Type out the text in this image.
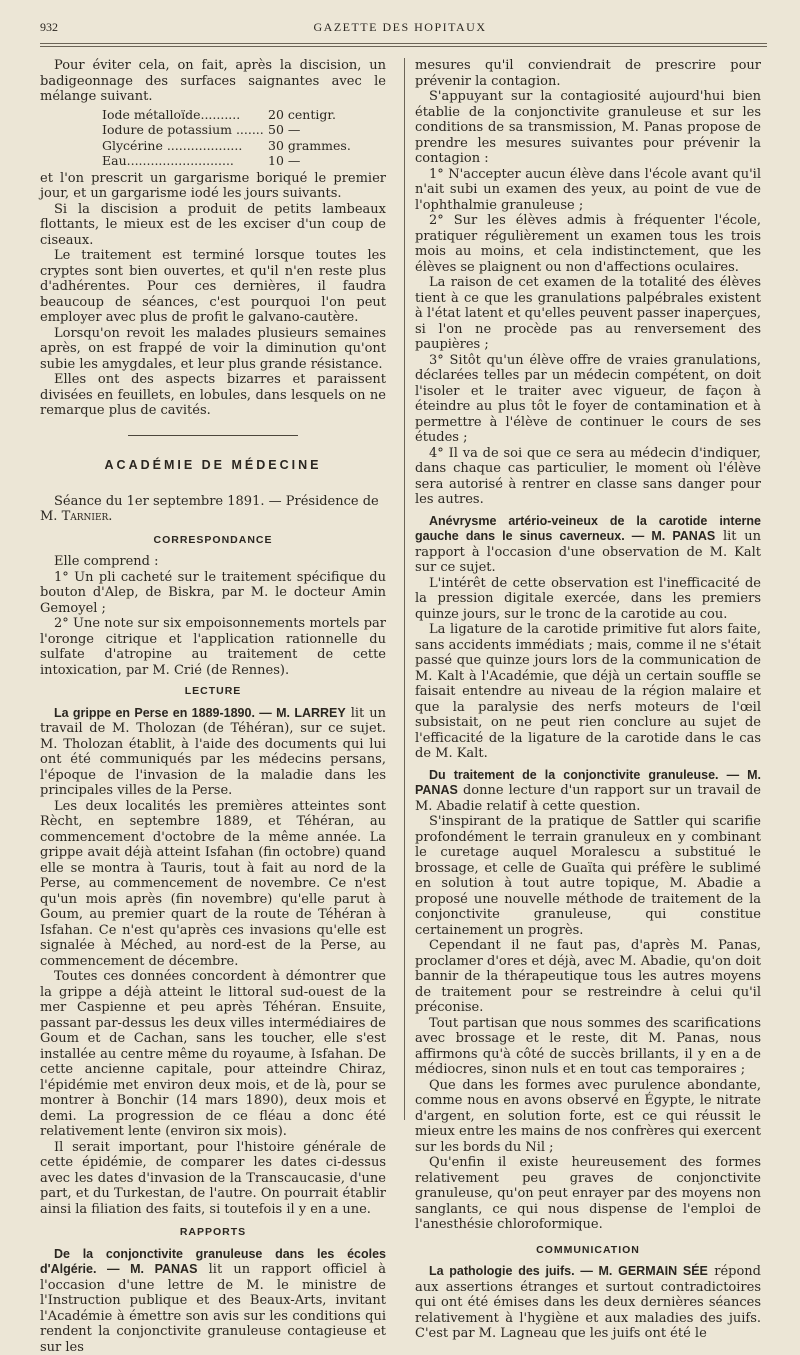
932	GAZETTE DES HOPITAUX

Pour éviter cela, on fait, après la discision, un badigeonnage des surfaces saignantes avec le mélange suivant.

Iode métalloïde..........	20 centigr.
Iodure de potassium ....... 50 —
Glycérine ...................	30 grammes.
Eau...........................	10 —

et l'on prescrit un gargarisme boriqué le premier jour, et un gargarisme iodé les jours suivants.

Si la discision a produit de petits lambeaux flottants, le mieux est de les exciser d'un coup de ciseaux.

Le traitement est terminé lorsque toutes les cryptes sont bien ouvertes, et qu'il n'en reste plus d'adhérentes. Pour ces dernières, il faudra beaucoup de séances, c'est pourquoi l'on peut employer avec plus de profit le galvano-cautère.

Lorsqu'on revoit les malades plusieurs semaines après, on est frappé de voir la diminution qu'ont subie les amygdales, et leur plus grande résistance.

Elles ont des aspects bizarres et paraissent divisées en feuillets, en lobules, dans lesquels on ne remarque plus de cavités.

ACADÉMIE DE MÉDECINE

Séance du 1er septembre 1891. — Présidence de M. Tarnier.

CORRESPONDANCE

Elle comprend :

1° Un pli cacheté sur le traitement spécifique du bouton d'Alep, de Biskra, par M. le docteur Amin Gemoyel ;

2° Une note sur six empoisonnements mortels par l'oronge citrique et l'application rationnelle du sulfate d'atropine au traitement de cette intoxication, par M. Crié (de Rennes).

LECTURE

La grippe en Perse en 1889-1890. — M. LARREY lit un travail de M. Tholozan (de Téhéran), sur ce sujet. M. Tholozan établit, à l'aide des documents qui lui ont été communiqués par les médecins persans, l'époque de l'invasion de la maladie dans les principales villes de la Perse.

Les deux localités les premières atteintes sont Rècht, en septembre 1889, et Téhéran, au commencement d'octobre de la même année. La grippe avait déjà atteint Isfahan (fin octobre) quand elle se montra à Tauris, tout à fait au nord de la Perse, au commencement de novembre. Ce n'est qu'un mois après (fin novembre) qu'elle parut à Goum, au premier quart de la route de Téhéran à Isfahan. Ce n'est qu'après ces invasions qu'elle est signalée à Méched, au nord-est de la Perse, au commencement de décembre.

Toutes ces données concordent à démontrer que la grippe a déjà atteint le littoral sud-ouest de la mer Caspienne et peu après Téhéran. Ensuite, passant par-dessus les deux villes intermédiaires de Goum et de Cachan, sans les toucher, elle s'est installée au centre même du royaume, à Isfahan. De cette ancienne capitale, pour atteindre Chiraz, l'épidémie met environ deux mois, et de là, pour se montrer à Bonchir (14 mars 1890), deux mois et demi. La progression de ce fléau a donc été relativement lente (environ six mois).

Il serait important, pour l'histoire générale de cette épidémie, de comparer les dates ci-dessus avec les dates d'invasion de la Transcaucasie, d'une part, et du Turkestan, de l'autre. On pourrait établir ainsi la filiation des faits, si toutefois il y en a une.

RAPPORTS

De la conjonctivite granuleuse dans les écoles d'Algérie. — M. PANAS lit un rapport officiel à l'occasion d'une lettre de M. le ministre de l'Instruction publique et des Beaux-Arts, invitant l'Académie à émettre son avis sur les conditions qui rendent la conjonctivite granuleuse contagieuse et sur les

mesures qu'il conviendrait de prescrire pour prévenir la contagion.

S'appuyant sur la contagiosité aujourd'hui bien établie de la conjonctivite granuleuse et sur les conditions de sa transmission, M. Panas propose de prendre les mesures suivantes pour prévenir la contagion :

1° N'accepter aucun élève dans l'école avant qu'il n'ait subi un examen des yeux, au point de vue de l'ophthalmie granuleuse ;

2° Sur les élèves admis à fréquenter l'école, pratiquer régulièrement un examen tous les trois mois au moins, et cela indistinctement, que les élèves se plaignent ou non d'affections oculaires.

La raison de cet examen de la totalité des élèves tient à ce que les granulations palpébrales existent à l'état latent et qu'elles peuvent passer inaperçues, si l'on ne procède pas au renversement des paupières ;

3° Sitôt qu'un élève offre de vraies granulations, déclarées telles par un médecin compétent, on doit l'isoler et le traiter avec vigueur, de façon à éteindre au plus tôt le foyer de contamination et à permettre à l'élève de continuer le cours de ses études ;

4° Il va de soi que ce sera au médecin d'indiquer, dans chaque cas particulier, le moment où l'élève sera autorisé à rentrer en classe sans danger pour les autres.

Anévrysme artério-veineux de la carotide interne gauche dans le sinus caverneux. — M. PANAS lit un rapport à l'occasion d'une observation de M. Kalt sur ce sujet.

L'intérêt de cette observation est l'inefficacité de la pression digitale exercée, dans les premiers quinze jours, sur le tronc de la carotide au cou.

La ligature de la carotide primitive fut alors faite, sans accidents immédiats ; mais, comme il ne s'était passé que quinze jours lors de la communication de M. Kalt à l'Académie, que déjà un certain souffle se faisait entendre au niveau de la région malaire et que la paralysie des nerfs moteurs de l'œil subsistait, on ne peut rien conclure au sujet de l'efficacité de la ligature de la carotide dans le cas de M. Kalt.

Du traitement de la conjonctivite granuleuse. — M. PANAS donne lecture d'un rapport sur un travail de M. Abadie relatif à cette question.

S'inspirant de la pratique de Sattler qui scarifie profondément le terrain granuleux en y combinant le curetage auquel Moralescu a substitué le brossage, et celle de Guaïta qui préfère le sublimé en solution à tout autre topique, M. Abadie a proposé une nouvelle méthode de traitement de la conjonctivite granuleuse, qui constitue certainement un progrès.

Cependant il ne faut pas, d'après M. Panas, proclamer d'ores et déjà, avec M. Abadie, qu'on doit bannir de la thérapeutique tous les autres moyens de traitement pour se restreindre à celui qu'il préconise.

Tout partisan que nous sommes des scarifications avec brossage et le reste, dit M. Panas, nous affirmons qu'à côté de succès brillants, il y en a de médiocres, sinon nuls et en tout cas temporaires ;

Que dans les formes avec purulence abondante, comme nous en avons observé en Égypte, le nitrate d'argent, en solution forte, est ce qui réussit le mieux entre les mains de nos confrères qui exercent sur les bords du Nil ;

Qu'enfin il existe heureusement des formes relativement peu graves de conjonctivite granuleuse, qu'on peut enrayer par des moyens non sanglants, ce qui nous dispense de l'emploi de l'anesthésie chloroformique.

COMMUNICATION

La pathologie des juifs. — M. GERMAIN SÉE répond aux assertions étranges et surtout contradictoires qui ont été émises dans les deux dernières séances relativement à l'hygiène et aux maladies des juifs. C'est par M. Lagneau que les juifs ont été le
